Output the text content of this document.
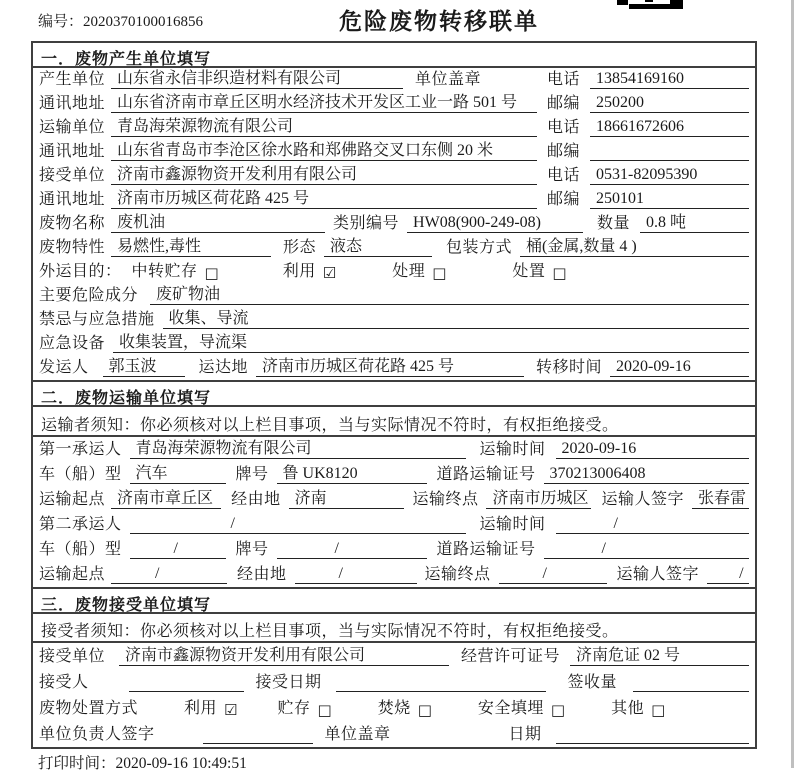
编号：2020370100016856	危险废物转移联单
一．废物产生单位填写
产生单位 山东省永信非织造材料有限公司	单位盖章	电话	13854169160
通讯地址 山东省济南市章丘区明水经济技术开发区工业一路 501 号	邮编	250200
运输单位 青岛海荣源物流有限公司	电话	18661672606
通讯地址 山东省青岛市李沧区徐水路和郑佛路交叉口东侧 20 米	邮编
接受单位 济南市鑫源物资开发利用有限公司	电话	0531-82095390
通讯地址 济南市历城区荷花路 425 号	邮编	250101
废物名称 废机油	类别编号 HW08(900-249-08)	数量	0.8 吨
废物特性 易燃性,毒性	形态 液态	包装方式 桶(金属,数量 4 )
外运目的： 中转贮存 □	利用 ☑	处理 □	处置 □
主要危险成分	废矿物油
禁忌与应急措施 收集、导流
应急设备 收集装置，导流渠
发运人	郭玉波	运达地 济南市历城区荷花路 425 号	转移时间 2020-09-16
二．废物运输单位填写
运输者须知：你必须核对以上栏目事项，当与实际情况不符时，有权拒绝接受。
第一承运人 青岛海荣源物流有限公司	运输时间	2020-09-16
车（船）型 汽车	牌号 鲁 UK8120	道路运输证号 370213006408
运输起点 济南市章丘区	经由地 济南	运输终点 济南市历城区 运输人签字 张春雷
第二承运人	/	运输时间	/
车（船）型	/	牌号	/	道路运输证号	/
运输起点	/	经由地	/	运输终点	/	运输人签字	/
三．废物接受单位填写
接受者须知：你必须核对以上栏目事项，当与实际情况不符时，有权拒绝接受。
接受单位	济南市鑫源物资开发利用有限公司	经营许可证号	济南危证 02 号
接受人	接受日期	签收量
废物处置方式	利用 ☑	贮存 □	焚烧 □	安全填埋 □	其他 □
单位负责人签字	单位盖章	日期
打印时间：2020-09-16 10:49:51
